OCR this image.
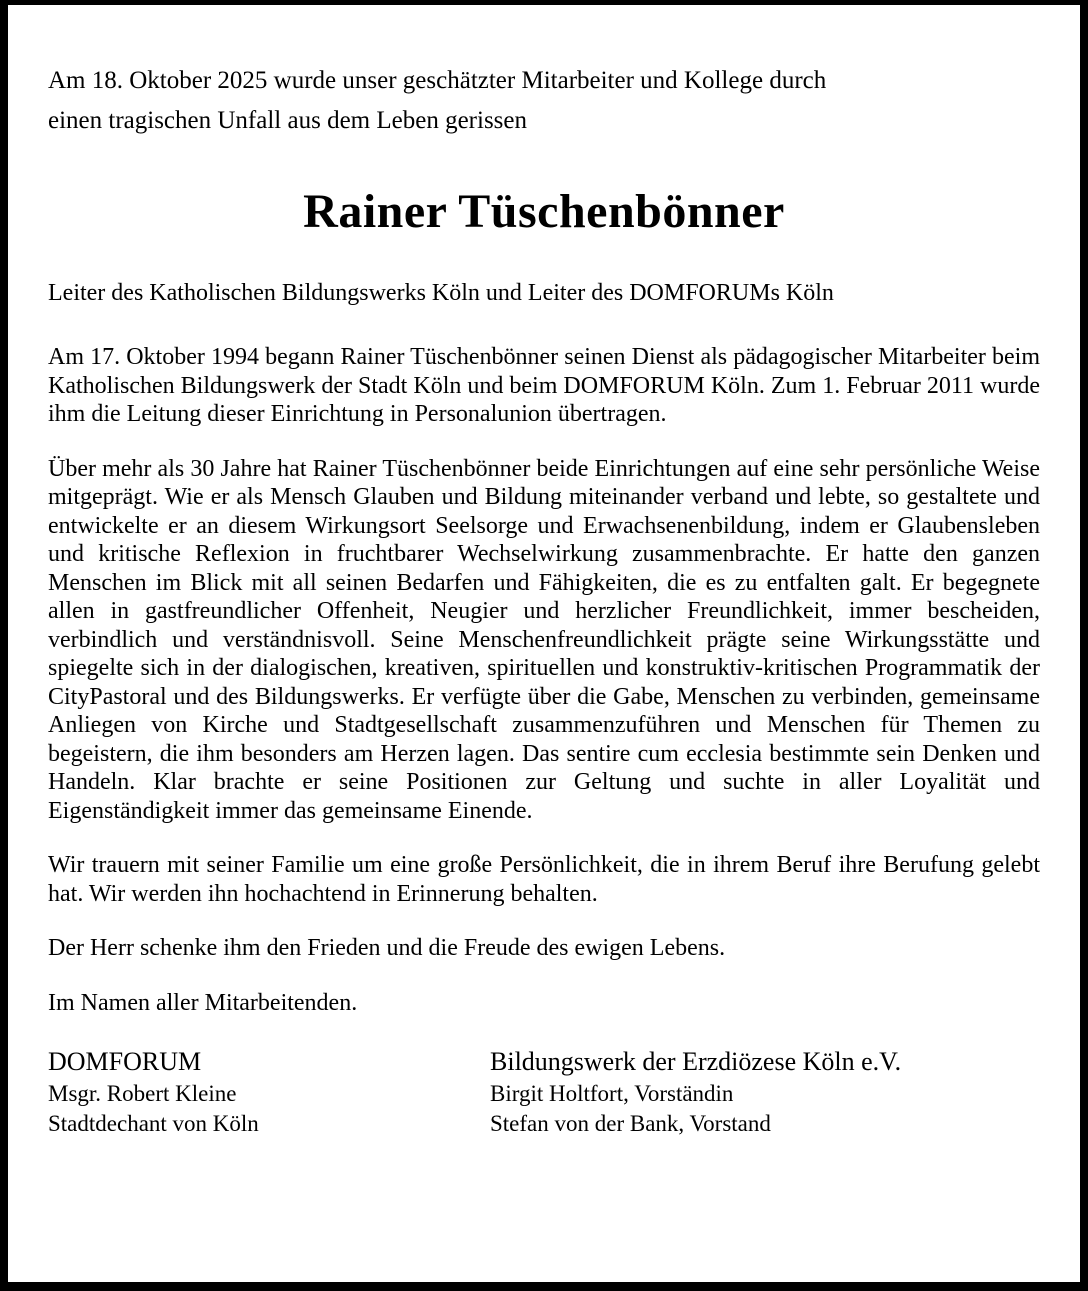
Am 18. Oktober 2025 wurde unser geschätzter Mitarbeiter und Kollege durch
einen tragischen Unfall aus dem Leben gerissen

Rainer Tüschenbönner

Leiter des Katholischen Bildungswerks Köln und Leiter des DOMFORUMs Köln

Am 17. Oktober 1994 begann Rainer Tüschenbönner seinen Dienst als pädagogischer Mitarbeiter beim Katholischen Bildungswerk der Stadt Köln und beim DOMFORUM Köln. Zum 1. Februar 2011 wurde ihm die Leitung dieser Einrichtung in Personalunion übertragen.

Über mehr als 30 Jahre hat Rainer Tüschenbönner beide Einrichtungen auf eine sehr persönliche Weise mitgeprägt. Wie er als Mensch Glauben und Bildung miteinander verband und lebte, so gestaltete und entwickelte er an diesem Wirkungsort Seelsorge und Erwachsenenbildung, indem er Glaubensleben und kritische Reflexion in fruchtbarer Wechselwirkung zusammenbrachte. Er hatte den ganzen Menschen im Blick mit all seinen Bedarfen und Fähigkeiten, die es zu entfalten galt. Er begegnete allen in gastfreundlicher Offenheit, Neugier und herzlicher Freundlichkeit, immer bescheiden, verbindlich und verständnisvoll. Seine Menschenfreundlichkeit prägte seine Wirkungsstätte und spiegelte sich in der dialogischen, kreativen, spirituellen und konstruktiv-kritischen Programmatik der CityPastoral und des Bildungswerks. Er verfügte über die Gabe, Menschen zu verbinden, gemeinsame Anliegen von Kirche und Stadtgesellschaft zusammenzuführen und Menschen für Themen zu begeistern, die ihm besonders am Herzen lagen. Das sentire cum ecclesia bestimmte sein Denken und Handeln. Klar brachte er seine Positionen zur Geltung und suchte in aller Loyalität und Eigenständigkeit immer das gemeinsame Einende.

Wir trauern mit seiner Familie um eine große Persönlichkeit, die in ihrem Beruf ihre Berufung gelebt hat. Wir werden ihn hochachtend in Erinnerung behalten.

Der Herr schenke ihm den Frieden und die Freude des ewigen Lebens.

Im Namen aller Mitarbeitenden.

DOMFORUM
Msgr. Robert Kleine
Stadtdechant von Köln
Bildungswerk der Erzdiözese Köln e.V.
Birgit Holtfort, Vorständin
Stefan von der Bank, Vorstand
